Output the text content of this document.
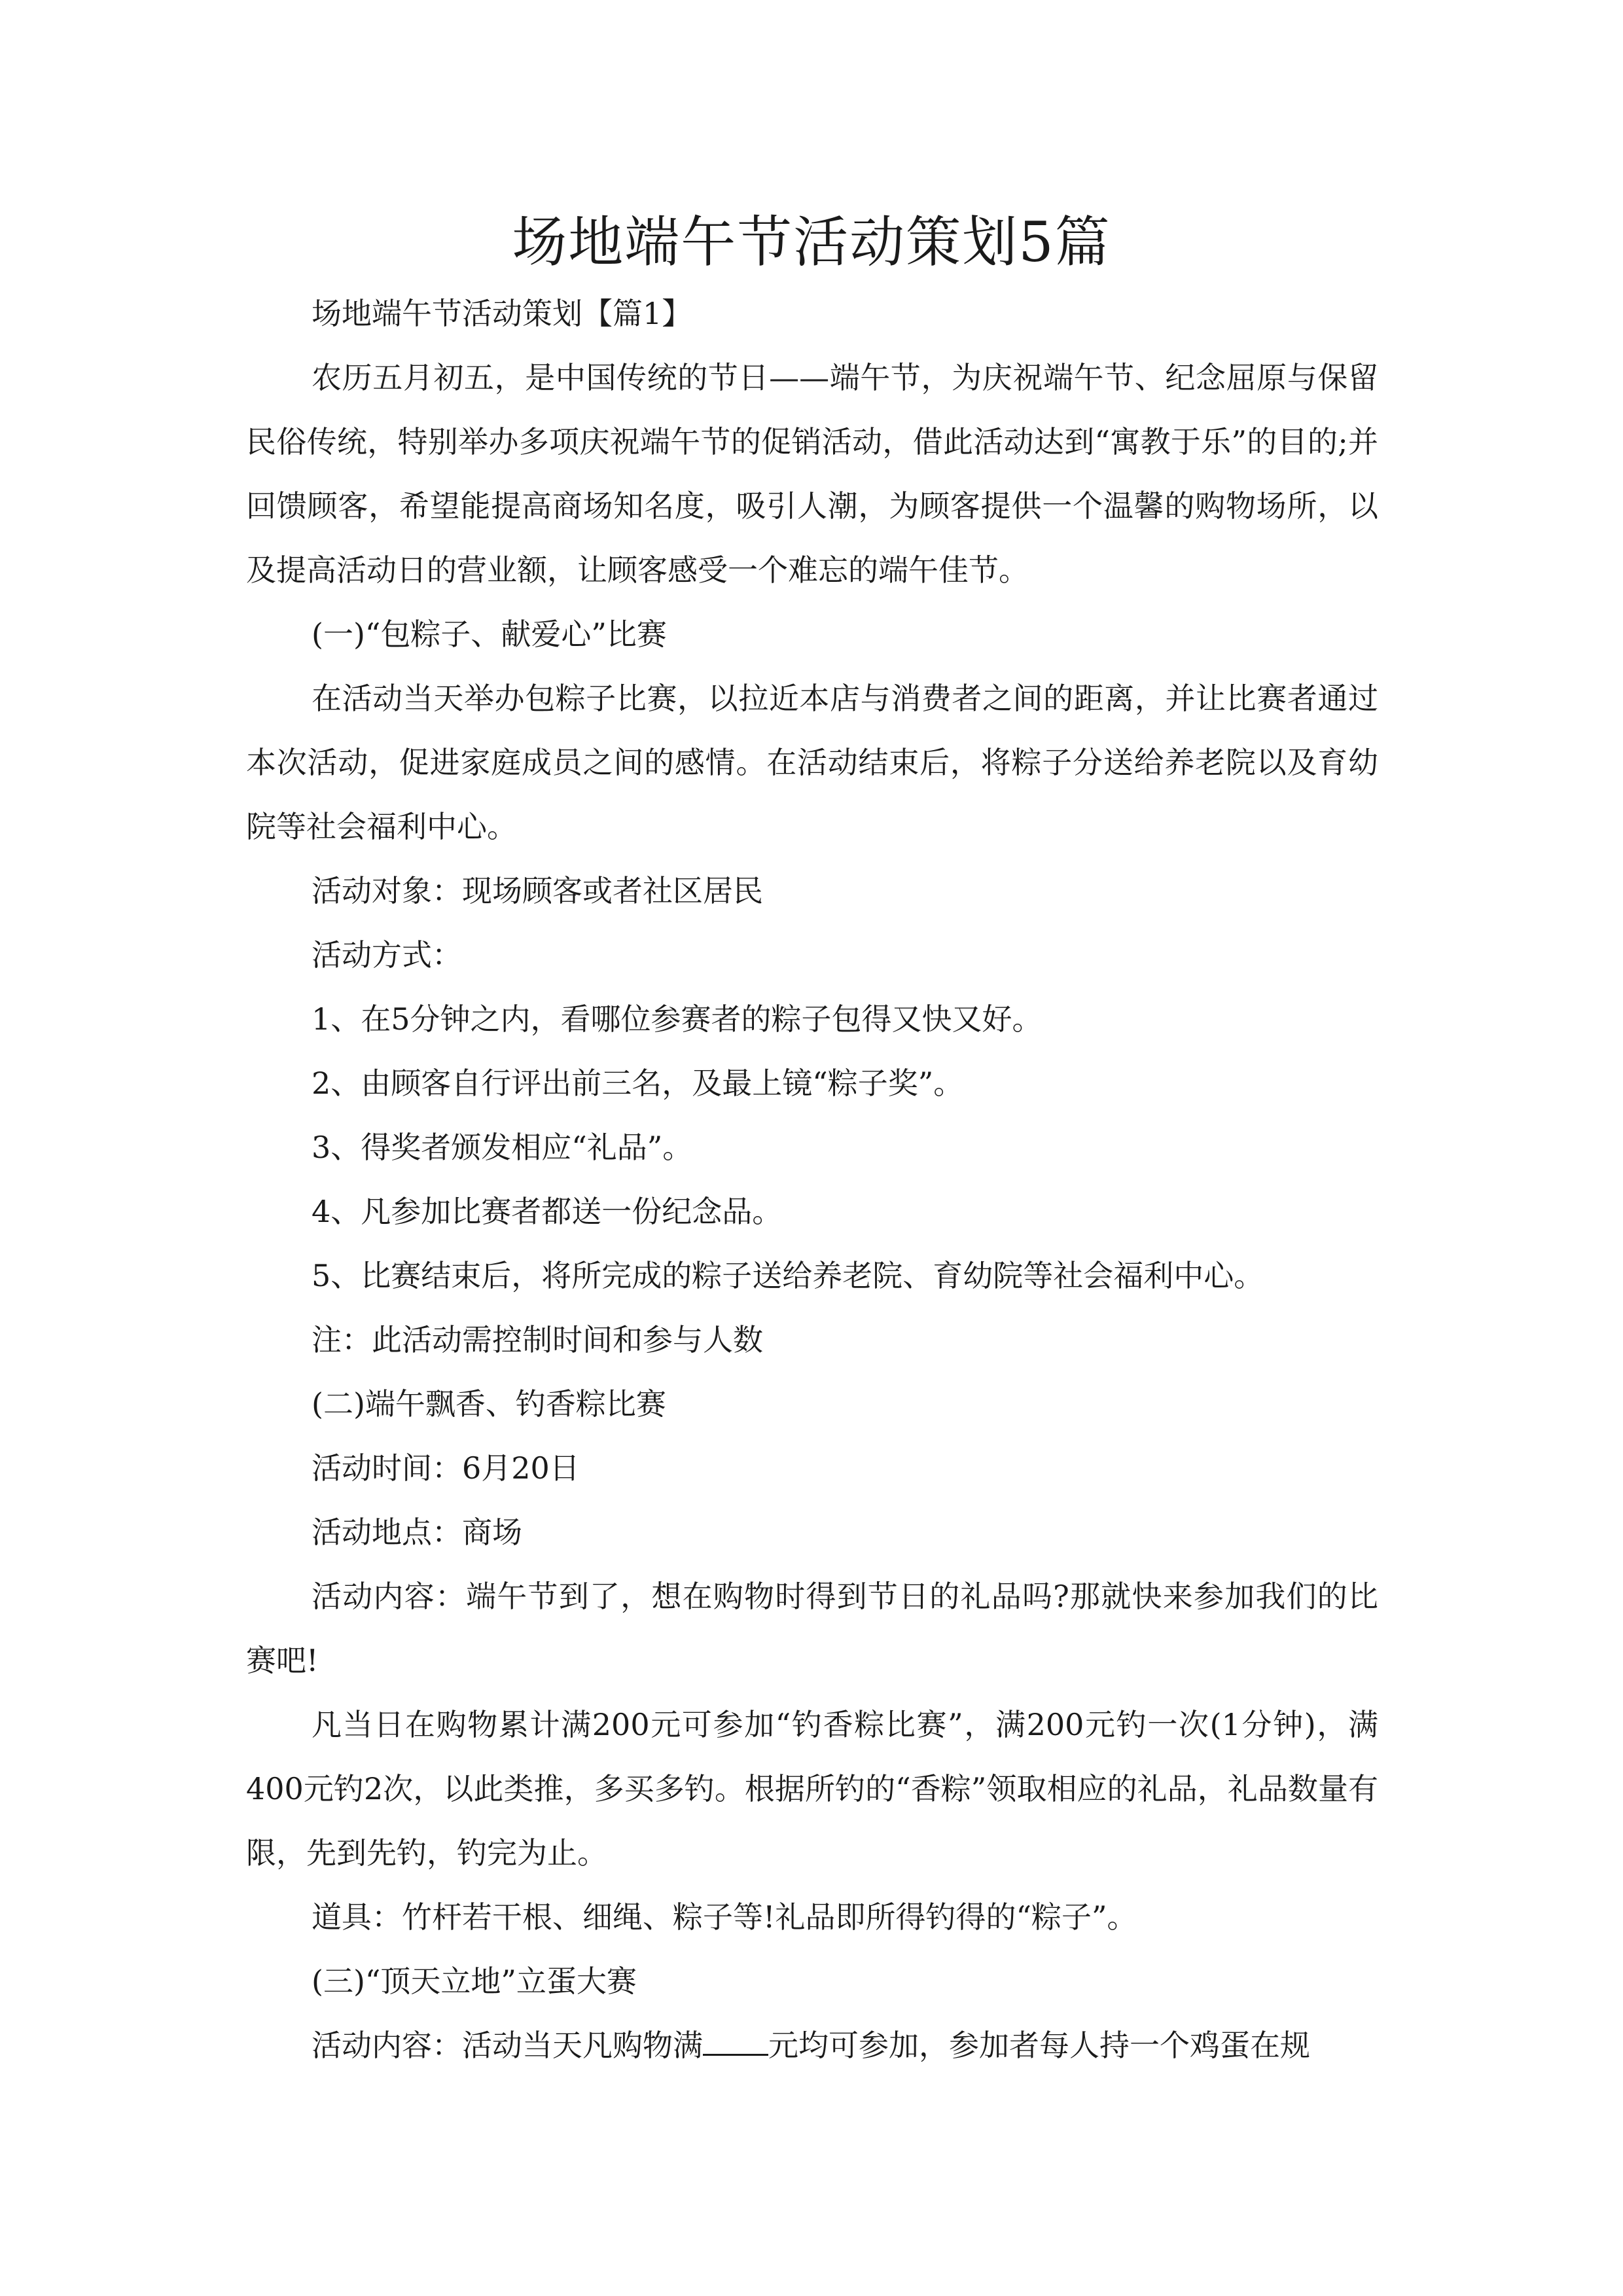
场地端午节活动策划5篇

场地端午节活动策划【篇1】

农历五月初五，是中国传统的节日——端午节，为庆祝端午节、纪念屈原与保留民俗传统，特别举办多项庆祝端午节的促销活动，借此活动达到“寓教于乐”的目的;并回馈顾客，希望能提高商场知名度，吸引人潮，为顾客提供一个温馨的购物场所，以及提高活动日的营业额，让顾客感受一个难忘的端午佳节。

(一)“包粽子、献爱心”比赛

在活动当天举办包粽子比赛，以拉近本店与消费者之间的距离，并让比赛者通过本次活动，促进家庭成员之间的感情。在活动结束后，将粽子分送给养老院以及育幼院等社会福利中心。

活动对象：现场顾客或者社区居民

活动方式：

1、在5分钟之内，看哪位参赛者的粽子包得又快又好。

2、由顾客自行评出前三名，及最上镜“粽子奖”。

3、得奖者颁发相应“礼品”。

4、凡参加比赛者都送一份纪念品。

5、比赛结束后，将所完成的粽子送给养老院、育幼院等社会福利中心。

注：此活动需控制时间和参与人数

(二)端午飘香、钓香粽比赛

活动时间：6月20日

活动地点：商场

活动内容：端午节到了，想在购物时得到节日的礼品吗?那就快来参加我们的比赛吧!

凡当日在购物累计满200元可参加“钓香粽比赛”，满200元钓一次(1分钟)，满400元钓2次，以此类推，多买多钓。根据所钓的“香粽”领取相应的礼品，礼品数量有限，先到先钓，钓完为止。

道具：竹杆若干根、细绳、粽子等!礼品即所得钓得的“粽子”。

(三)“顶天立地”立蛋大赛

活动内容：活动当天凡购物满 元均可参加，参加者每人持一个鸡蛋在规
